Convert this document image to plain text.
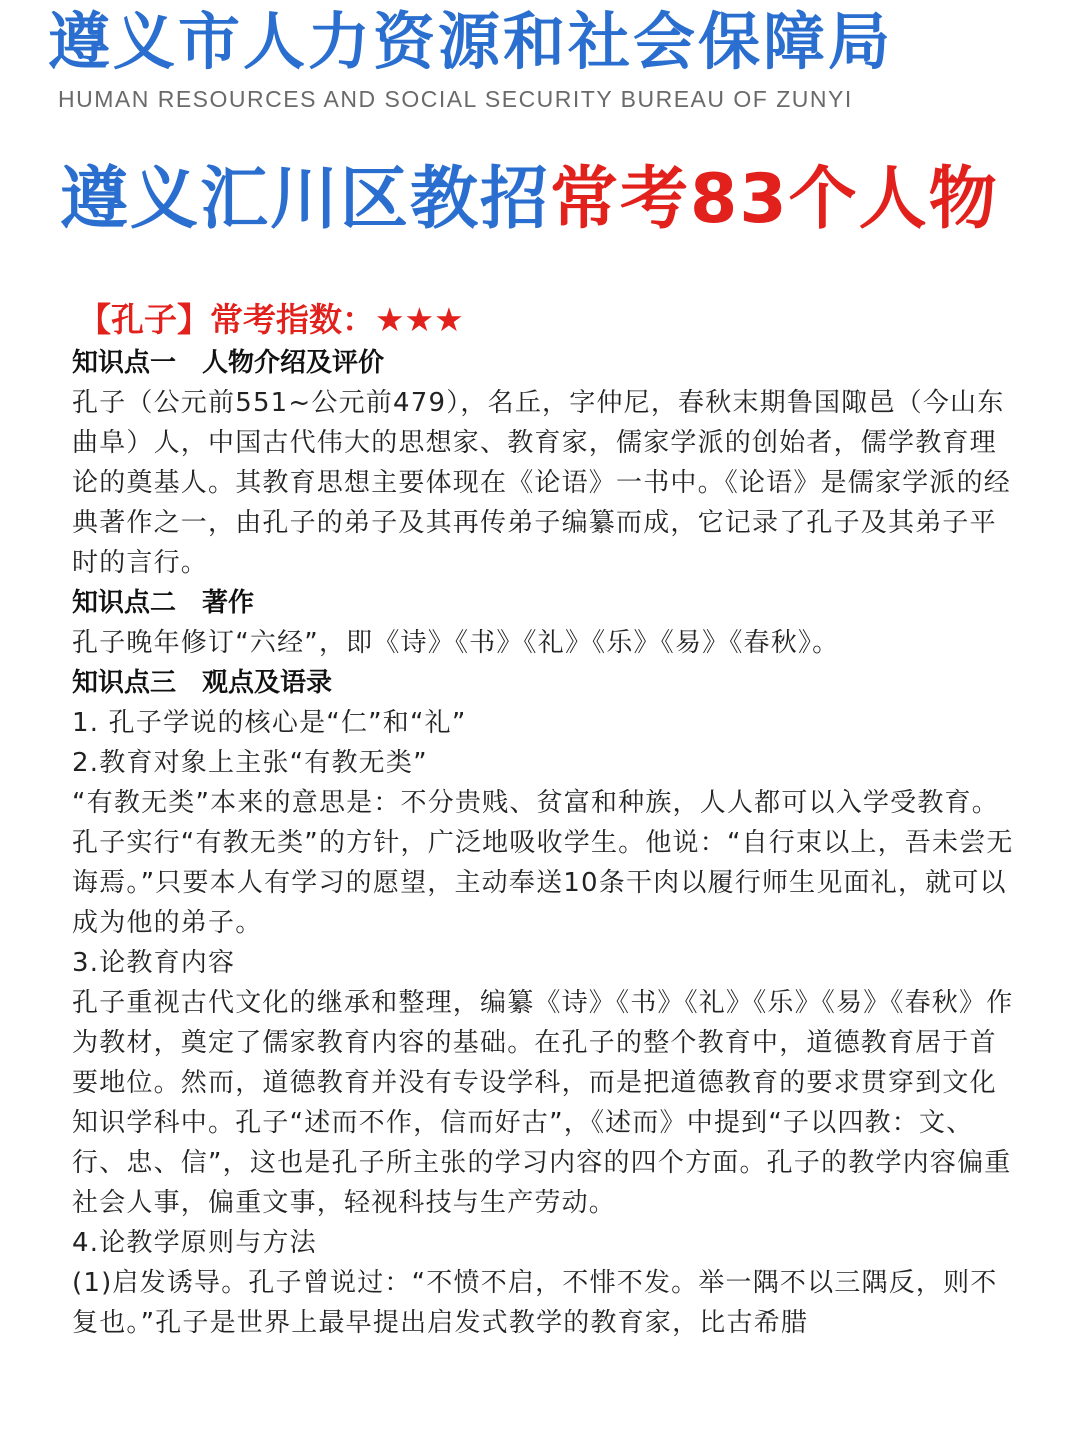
遵义市人力资源和社会保障局
HUMAN RESOURCES AND SOCIAL SECURITY BUREAU OF ZUNYI
遵义汇川区教招常考83个人物
【孔子】常考指数：★★★
知识点一　人物介绍及评价

孔子（公元前551~公元前479），名丘，字仲尼，春秋末期鲁国陬邑（今山东曲阜）人，中国古代伟大的思想家、教育家，儒家学派的创始者，儒学教育理论的奠基人。其教育思想主要体现在《论语》一书中。《论语》是儒家学派的经典著作之一，由孔子的弟子及其再传弟子编纂而成，它记录了孔子及其弟子平时的言行。

知识点二　著作

孔子晚年修订“六经”，即《诗》《书》《礼》《乐》《易》《春秋》。

知识点三　观点及语录

1. 孔子学说的核心是“仁”和“礼”

2.教育对象上主张“有教无类”

“有教无类”本来的意思是：不分贵贱、贫富和种族，人人都可以入学受教育。

孔子实行“有教无类”的方针，广泛地吸收学生。他说：“自行束以上，吾未尝无诲焉。”只要本人有学习的愿望，主动奉送10条干肉以履行师生见面礼，就可以成为他的弟子。

3.论教育内容

孔子重视古代文化的继承和整理，编纂《诗》《书》《礼》《乐》《易》《春秋》作为教材，奠定了儒家教育内容的基础。在孔子的整个教育中，道德教育居于首要地位。然而，道德教育并没有专设学科，而是把道德教育的要求贯穿到文化知识学科中。孔子“述而不作，信而好古”，《述而》中提到“子以四教：文、行、忠、信”，这也是孔子所主张的学习内容的四个方面。孔子的教学内容偏重社会人事，偏重文事，轻视科技与生产劳动。

4.论教学原则与方法

(1)启发诱导。孔子曾说过：“不愤不启，不悱不发。举一隅不以三隅反，则不复也。”孔子是世界上最早提出启发式教学的教育家，比古希腊
